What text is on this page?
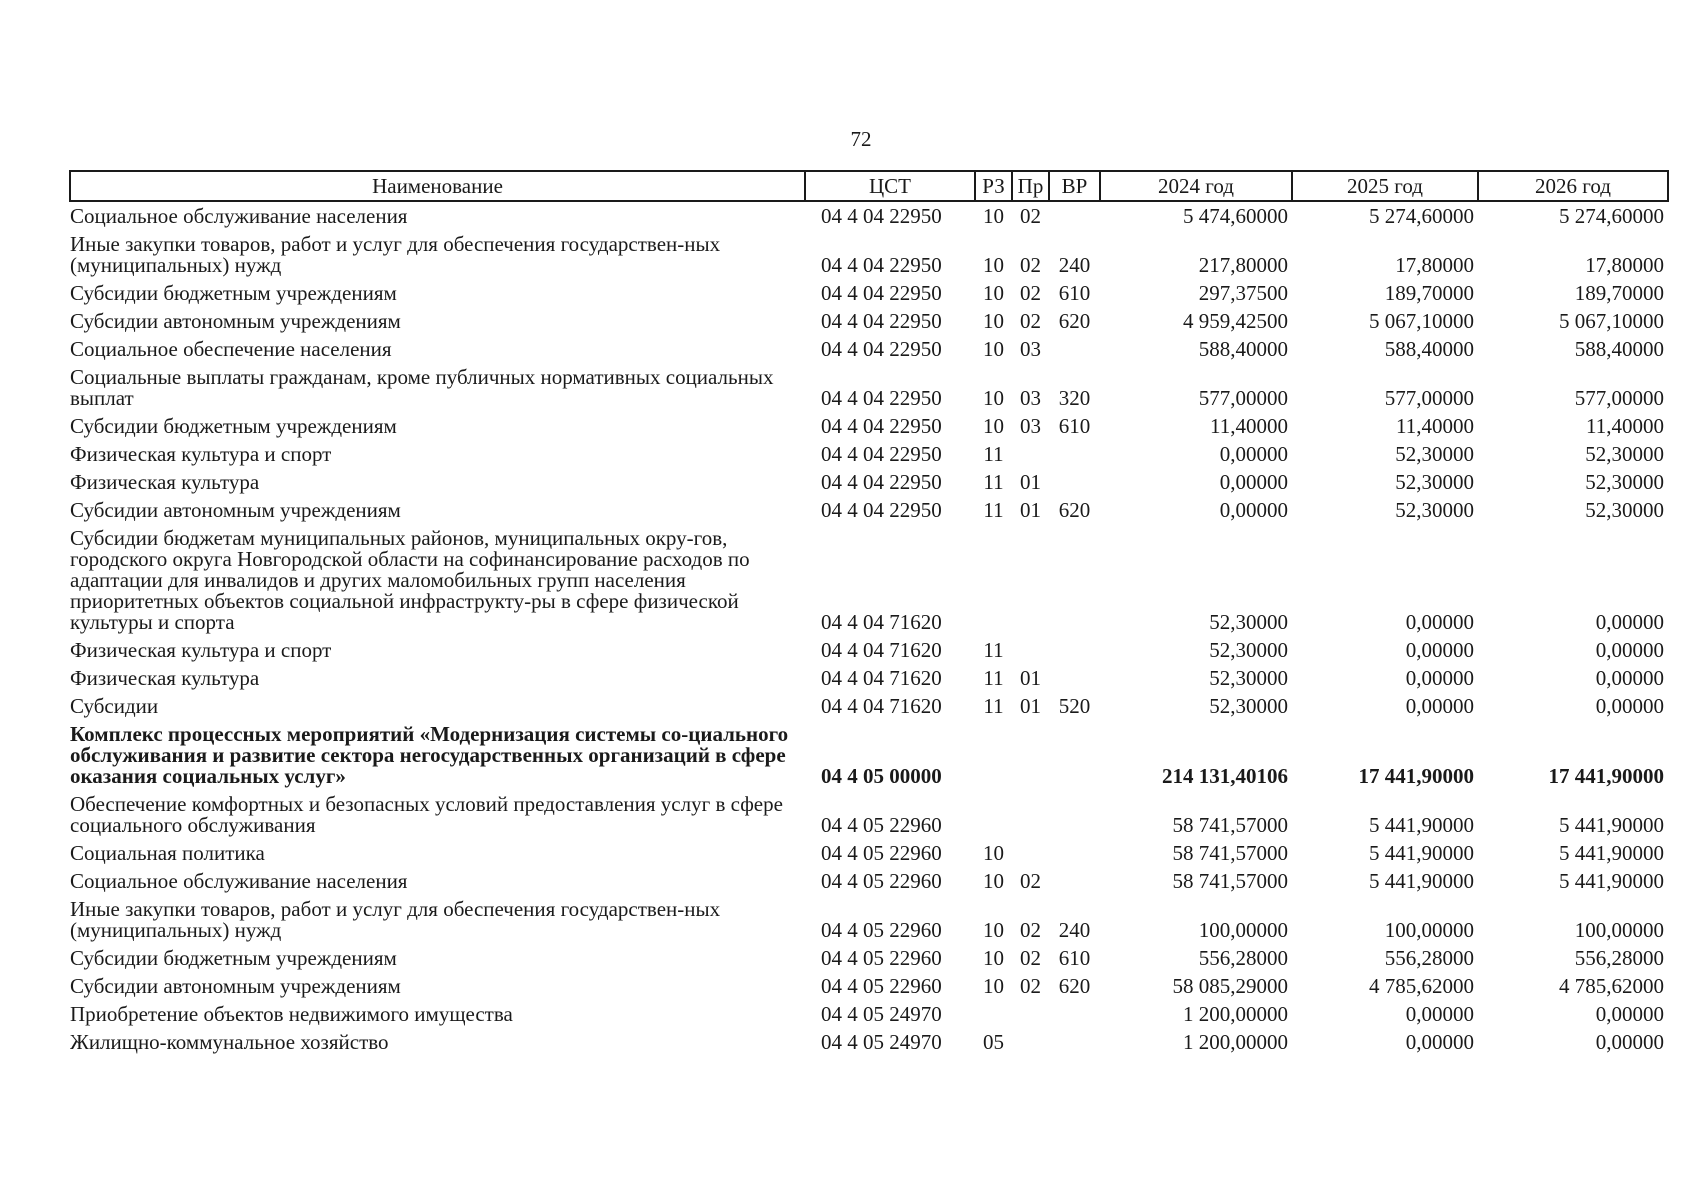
72
Наименование	ЦСТ	РЗ	Пр	ВР	2024 год	2025 год	2026 год
Социальное обслуживание населения	04 4 04 22950	10	02		5 474,60000	5 274,60000	5 274,60000
Иные закупки товаров, работ и услуг для обеспечения государствен-ных (муниципальных) нужд	04 4 04 22950	10	02	240	217,80000	17,80000	17,80000
Субсидии бюджетным учреждениям	04 4 04 22950	10	02	610	297,37500	189,70000	189,70000
Субсидии автономным учреждениям	04 4 04 22950	10	02	620	4 959,42500	5 067,10000	5 067,10000
Социальное обеспечение населения	04 4 04 22950	10	03		588,40000	588,40000	588,40000
Социальные выплаты гражданам, кроме публичных нормативных социальных выплат	04 4 04 22950	10	03	320	577,00000	577,00000	577,00000
Субсидии бюджетным учреждениям	04 4 04 22950	10	03	610	11,40000	11,40000	11,40000
Физическая культура и спорт	04 4 04 22950	11			0,00000	52,30000	52,30000
Физическая культура	04 4 04 22950	11	01		0,00000	52,30000	52,30000
Субсидии автономным учреждениям	04 4 04 22950	11	01	620	0,00000	52,30000	52,30000
Субсидии бюджетам муниципальных районов, муниципальных окру-гов, городского округа Новгородской области на софинансирование расходов по адаптации для инвалидов и других маломобильных групп населения приоритетных объектов социальной инфраструкту-ры в сфере физической культуры и спорта	04 4 04 71620				52,30000	0,00000	0,00000
Физическая культура и спорт	04 4 04 71620	11			52,30000	0,00000	0,00000
Физическая культура	04 4 04 71620	11	01		52,30000	0,00000	0,00000
Субсидии	04 4 04 71620	11	01	520	52,30000	0,00000	0,00000
Комплекс процессных мероприятий «Модернизация системы со-циального обслуживания и развитие сектора негосударственных организаций в сфере оказания социальных услуг»	04 4 05 00000				214 131,40106	17 441,90000	17 441,90000
Обеспечение комфортных и безопасных условий предоставления услуг в сфере социального обслуживания	04 4 05 22960				58 741,57000	5 441,90000	5 441,90000
Социальная политика	04 4 05 22960	10			58 741,57000	5 441,90000	5 441,90000
Социальное обслуживание населения	04 4 05 22960	10	02		58 741,57000	5 441,90000	5 441,90000
Иные закупки товаров, работ и услуг для обеспечения государствен-ных (муниципальных) нужд	04 4 05 22960	10	02	240	100,00000	100,00000	100,00000
Субсидии бюджетным учреждениям	04 4 05 22960	10	02	610	556,28000	556,28000	556,28000
Субсидии автономным учреждениям	04 4 05 22960	10	02	620	58 085,29000	4 785,62000	4 785,62000
Приобретение объектов недвижимого имущества	04 4 05 24970				1 200,00000	0,00000	0,00000
Жилищно-коммунальное хозяйство	04 4 05 24970	05			1 200,00000	0,00000	0,00000
